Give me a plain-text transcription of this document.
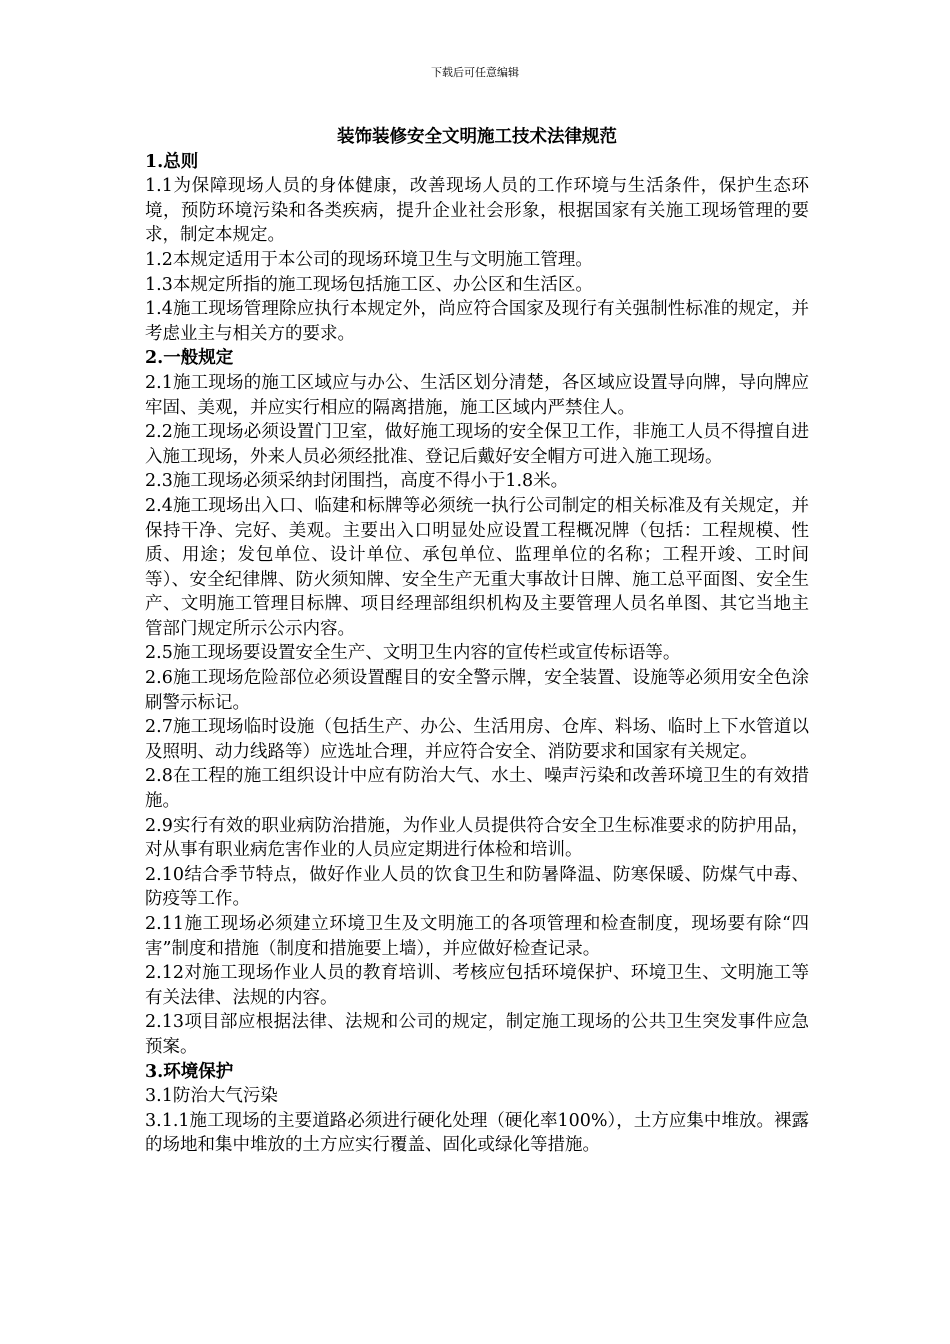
下载后可任意编辑

装饰装修安全文明施工技术法律规范

1.总则

1.1为保障现场人员的身体健康，改善现场人员的工作环境与生活条件，保护生态环境，预防环境污染和各类疾病，提升企业社会形象，根据国家有关施工现场管理的要求，制定本规定。

1.2本规定适用于本公司的现场环境卫生与文明施工管理。

1.3本规定所指的施工现场包括施工区、办公区和生活区。

1.4施工现场管理除应执行本规定外，尚应符合国家及现行有关强制性标准的规定，并考虑业主与相关方的要求。

2.一般规定

2.1施工现场的施工区域应与办公、生活区划分清楚，各区域应设置导向牌，导向牌应牢固、美观，并应实行相应的隔离措施，施工区域内严禁住人。

2.2施工现场必须设置门卫室，做好施工现场的安全保卫工作，非施工人员不得擅自进入施工现场，外来人员必须经批准、登记后戴好安全帽方可进入施工现场。

2.3施工现场必须采纳封闭围挡，高度不得小于1.8米。

2.4施工现场出入口、临建和标牌等必须统一执行公司制定的相关标准及有关规定，并保持干净、完好、美观。主要出入口明显处应设置工程概况牌（包括：工程规模、性质、用途；发包单位、设计单位、承包单位、监理单位的名称；工程开竣、工时间等）、安全纪律牌、防火须知牌、安全生产无重大事故计日牌、施工总平面图、安全生产、文明施工管理目标牌、项目经理部组织机构及主要管理人员名单图、其它当地主管部门规定所示公示内容。

2.5施工现场要设置安全生产、文明卫生内容的宣传栏或宣传标语等。

2.6施工现场危险部位必须设置醒目的安全警示牌，安全装置、设施等必须用安全色涂刷警示标记。

2.7施工现场临时设施（包括生产、办公、生活用房、仓库、料场、临时上下水管道以及照明、动力线路等）应选址合理，并应符合安全、消防要求和国家有关规定。

2.8在工程的施工组织设计中应有防治大气、水土、噪声污染和改善环境卫生的有效措施。

2.9实行有效的职业病防治措施，为作业人员提供符合安全卫生标准要求的防护用品，对从事有职业病危害作业的人员应定期进行体检和培训。

2.10结合季节特点，做好作业人员的饮食卫生和防暑降温、防寒保暖、防煤气中毒、防疫等工作。

2.11施工现场必须建立环境卫生及文明施工的各项管理和检查制度，现场要有除“四害”制度和措施（制度和措施要上墙），并应做好检查记录。

2.12对施工现场作业人员的教育培训、考核应包括环境保护、环境卫生、文明施工等有关法律、法规的内容。

2.13项目部应根据法律、法规和公司的规定，制定施工现场的公共卫生突发事件应急预案。

3.环境保护

3.1防治大气污染

3.1.1施工现场的主要道路必须进行硬化处理（硬化率100%），土方应集中堆放。裸露的场地和集中堆放的土方应实行覆盖、固化或绿化等措施。
